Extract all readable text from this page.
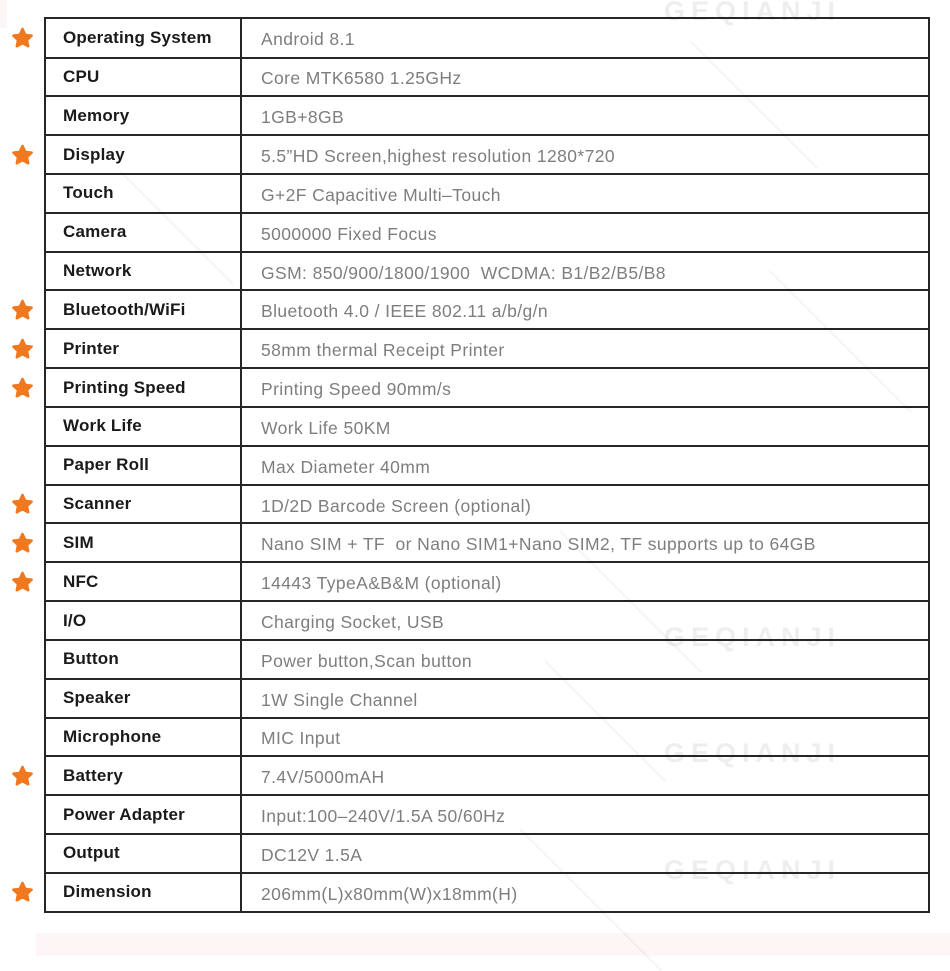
GEQIANJI
GEQIANJI
GEQIANJI
GEQIANJI
Operating System	Android 8.1
CPU	Core MTK6580 1.25GHz
Memory	1GB+8GB
Display	5.5”HD Screen,highest resolution 1280*720
Touch	G+2F Capacitive Multi–Touch
Camera	5000000 Fixed Focus
Network	GSM: 850/900/1800/1900  WCDMA: B1/B2/B5/B8
Bluetooth/WiFi	Bluetooth 4.0 / IEEE 802.11 a/b/g/n
Printer	58mm thermal Receipt Printer
Printing Speed	Printing Speed 90mm/s
Work Life	Work Life 50KM
Paper Roll	Max Diameter 40mm
Scanner	1D/2D Barcode Screen (optional)
SIM	Nano SIM + TF  or Nano SIM1+Nano SIM2, TF supports up to 64GB
NFC	14443 TypeA&B&M (optional)
I/O	Charging Socket, USB
Button	Power button,Scan button
Speaker	1W Single Channel
Microphone	MIC Input
Battery	7.4V/5000mAH
Power Adapter	Input:100–240V/1.5A 50/60Hz
Output	DC12V 1.5A
Dimension	206mm(L)x80mm(W)x18mm(H)
